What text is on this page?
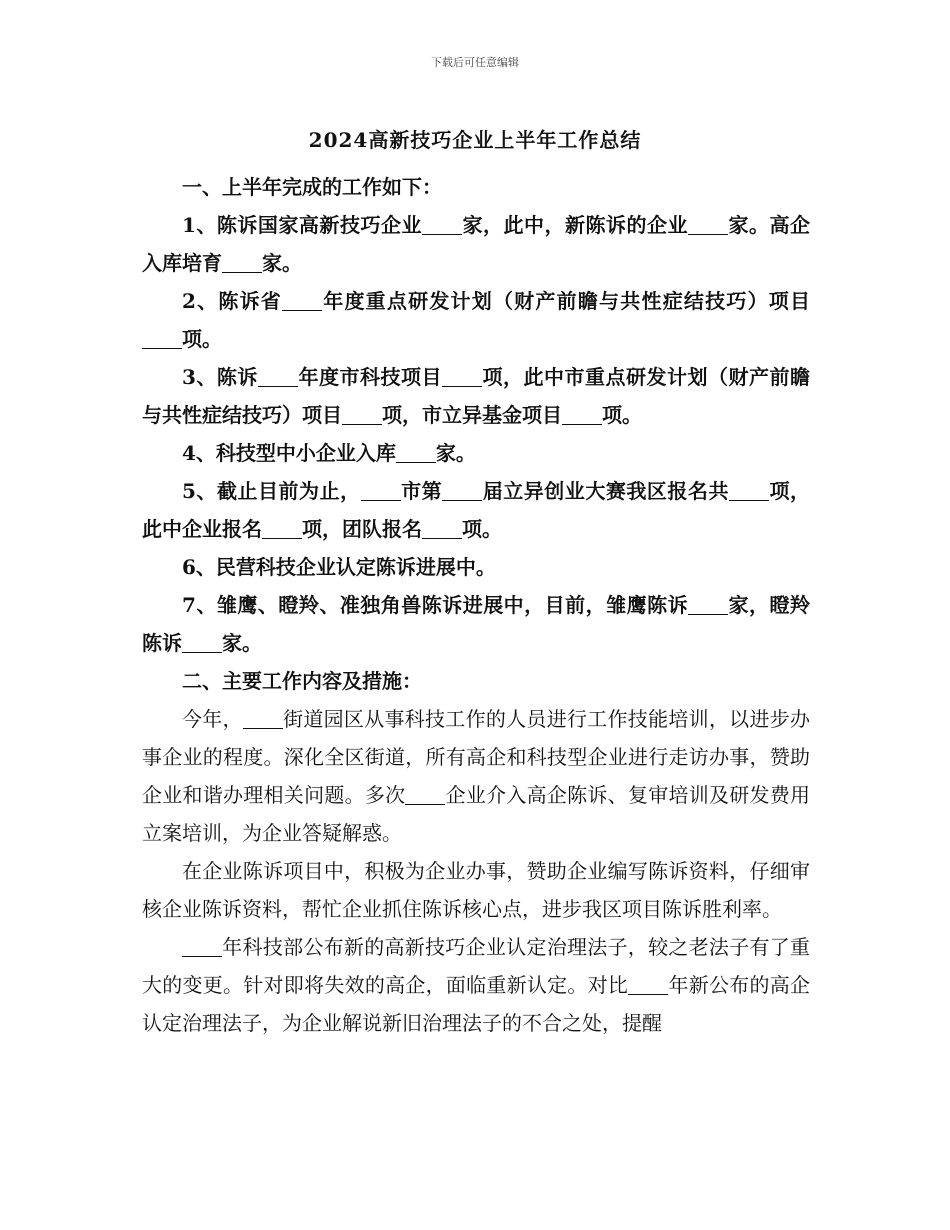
下载后可任意编辑
2024高新技巧企业上半年工作总结

一、上半年完成的工作如下：

1、陈诉国家高新技巧企业 家，此中，新陈诉的企业 家。高企入库培育 家。

2、陈诉省 年度重点研发计划（财产前瞻与共性症结技巧）项目项。

3、陈诉 年度市科技项目 项，此中市重点研发计划（财产前瞻与共性症结技巧）项目 项，市立异基金项目 项。

4、科技型中小企业入库 家。

5、截止目前为止， 市第 届立异创业大赛我区报名共 项，此中企业报名 项，团队报名 项。

6、民营科技企业认定陈诉进展中。

7、雏鹰、瞪羚、准独角兽陈诉进展中，目前，雏鹰陈诉 家，瞪羚陈诉 家。

二、主要工作内容及措施：

今年， 街道园区从事科技工作的人员进行工作技能培训，以进步办事企业的程度。深化全区街道，所有高企和科技型企业进行走访办事，赞助企业和谐办理相关问题。多次 企业介入高企陈诉、复审培训及研发费用立案培训，为企业答疑解惑。

在企业陈诉项目中，积极为企业办事，赞助企业编写陈诉资料，仔细审核企业陈诉资料，帮忙企业抓住陈诉核心点，进步我区项目陈诉胜利率。

年科技部公布新的高新技巧企业认定治理法子，较之老法子有了重大的变更。针对即将失效的高企，面临重新认定。对比 年新公布的高企认定治理法子，为企业解说新旧治理法子的不合之处，提醒
